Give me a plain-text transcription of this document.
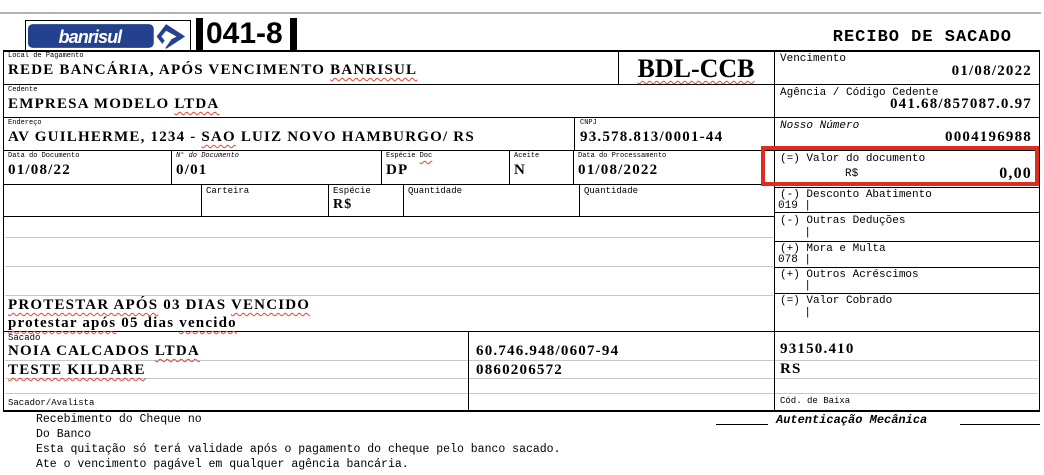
banrisul	041-8	RECIBO DE SACADO
Local de Pagamento
REDE BANCÁRIA, APÓS VENCIMENTO BANRISUL	BDL-CCB	Vencimento
01/08/2022
Cedente
EMPRESA MODELO LTDA
Agência / Código Cedente
041.68/857087.0.97
Endereço
AV GUILHERME, 1234 - SAO LUIZ NOVO HAMBURGO/ RS
CNPJ
93.578.813/0001-44
Nosso Número
0004196988
Data do Documento
01/08/22
N° do Documento
0/01
Espécie Doc
DP
Aceite
N
Data do Processamento
01/08/2022
(=) Valor do documento
R$	0,00
Carteira	Espécie
R$
Quantidade	Quantidade	(-) Desconto Abatimento
019 |
(-) Outras Deduções
|
(+) Mora e Multa
078 |
(+) Outros Acréscimos
|
(=) Valor Cobrado
|
PROTESTAR APÓS 03 DIAS VENCIDO
protestar após 05 dias vencido
Sacado
NOIA CALCADOS LTDA
TESTE KILDARE
60.746.948/0607-94
0860206572
93150.410
RS
Sacador/Avalista	Cód. de Baixa
Autenticação Mecânica
Recebimento do Cheque no
Do Banco
Esta quitação só terá validade após o pagamento do cheque pelo banco sacado.
Ate o vencimento pagável em qualquer agência bancária.
